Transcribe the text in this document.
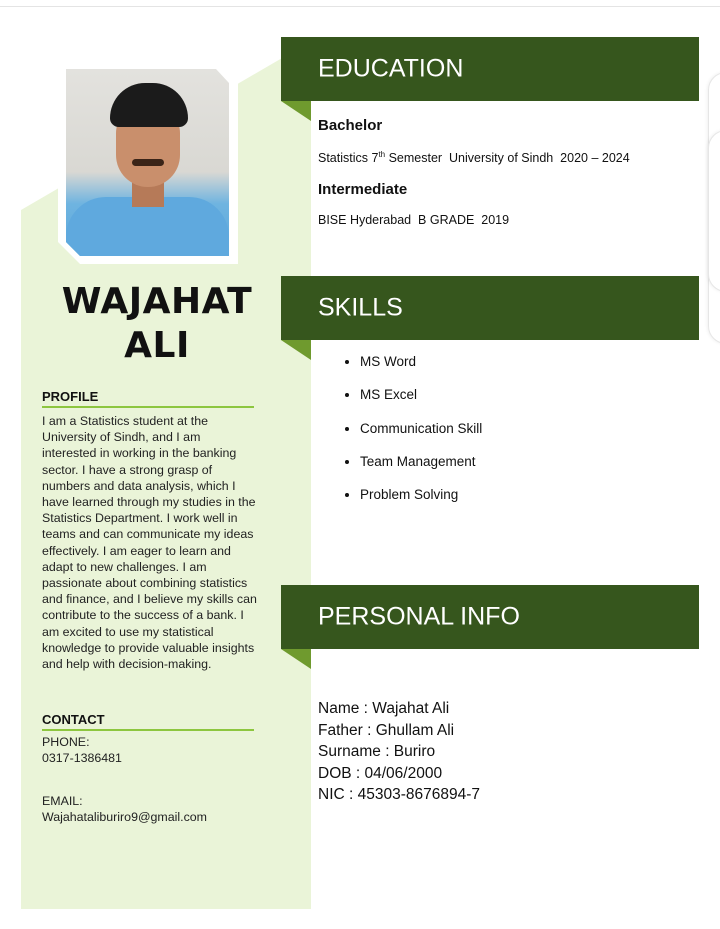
WAJAHAT
ALI
PROFILE
I am a Statistics student at the University of Sindh, and I am interested in working in the banking sector. I have a strong grasp of numbers and data analysis, which I have learned through my studies in the Statistics Department. I work well in teams and can communicate my ideas effectively. I am eager to learn and adapt to new challenges. I am passionate about combining statistics and finance, and I believe my skills can contribute to the success of a bank. I am excited to use my statistical knowledge to provide valuable insights and help with decision-making.
CONTACT
PHONE:
0317-1386481
EMAIL:
Wajahataliburiro9@gmail.com
EDUCATION
Bachelor
Statistics 7th Semester  University of Sindh  2020 – 2024
Intermediate
BISE Hyderabad  B GRADE  2019
SKILLS
• MS Word
• MS Excel
• Communication Skill
• Team Management
• Problem Solving
PERSONAL INFO
Name : Wajahat Ali
Father : Ghullam Ali
Surname : Buriro
DOB : 04/06/2000
NIC : 45303-8676894-7
